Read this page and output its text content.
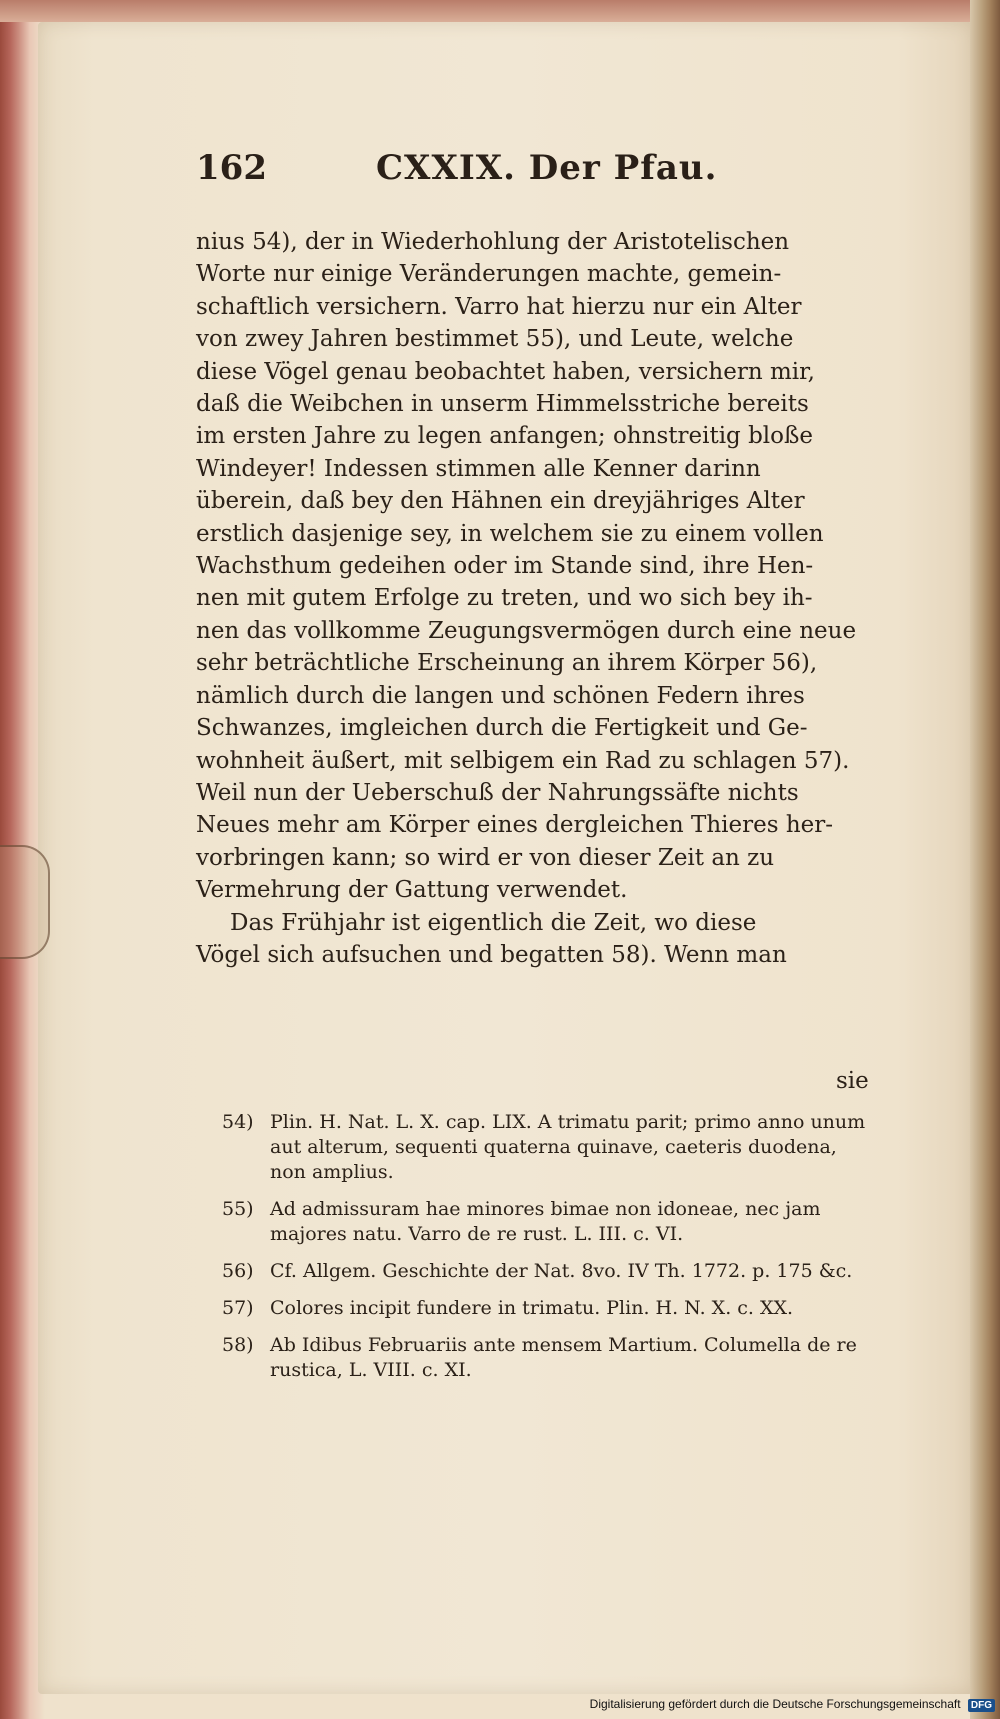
162	CXXIX. Der Pfau.

nius 54), der in Wiederhohlung der Aristotelischen
Worte nur einige Veränderungen machte, gemein-
schaftlich versichern. Varro hat hierzu nur ein Alter
von zwey Jahren bestimmet 55), und Leute, welche
diese Vögel genau beobachtet haben, versichern mir,
daß die Weibchen in unserm Himmelsstriche bereits
im ersten Jahre zu legen anfangen; ohnstreitig bloße
Windeyer! Indessen stimmen alle Kenner darinn
überein, daß bey den Hähnen ein dreyjähriges Alter
erstlich dasjenige sey, in welchem sie zu einem vollen
Wachsthum gedeihen oder im Stande sind, ihre Hen-
nen mit gutem Erfolge zu treten, und wo sich bey ih-
nen das vollkomme Zeugungsvermögen durch eine neue
sehr beträchtliche Erscheinung an ihrem Körper 56),
nämlich durch die langen und schönen Federn ihres
Schwanzes, imgleichen durch die Fertigkeit und Ge-
wohnheit äußert, mit selbigem ein Rad zu schlagen 57).
Weil nun der Ueberschuß der Nahrungssäfte nichts
Neues mehr am Körper eines dergleichen Thieres her-
vorbringen kann; so wird er von dieser Zeit an zu
Vermehrung der Gattung verwendet.

Das Frühjahr ist eigentlich die Zeit, wo diese
Vögel sich aufsuchen und begatten 58). Wenn man

sie
54) Plin. H. Nat. L. X. cap. LIX. A trimatu parit; primo anno unum aut alterum, sequenti quaterna quinave, caeteris duodena, non amplius.
55) Ad admissuram hae minores bimae non idoneae, nec jam majores natu. Varro de re rust. L. III. c. VI.
56) Cf. Allgem. Geschichte der Nat. 8vo. IV Th. 1772. p. 175 &c.
57) Colores incipit fundere in trimatu. Plin. H. N. X. c. XX.
58) Ab Idibus Februariis ante mensem Martium. Columella de re rustica, L. VIII. c. XI.
Digitalisierung gefördert durch die Deutsche Forschungsgemeinschaft DFG
